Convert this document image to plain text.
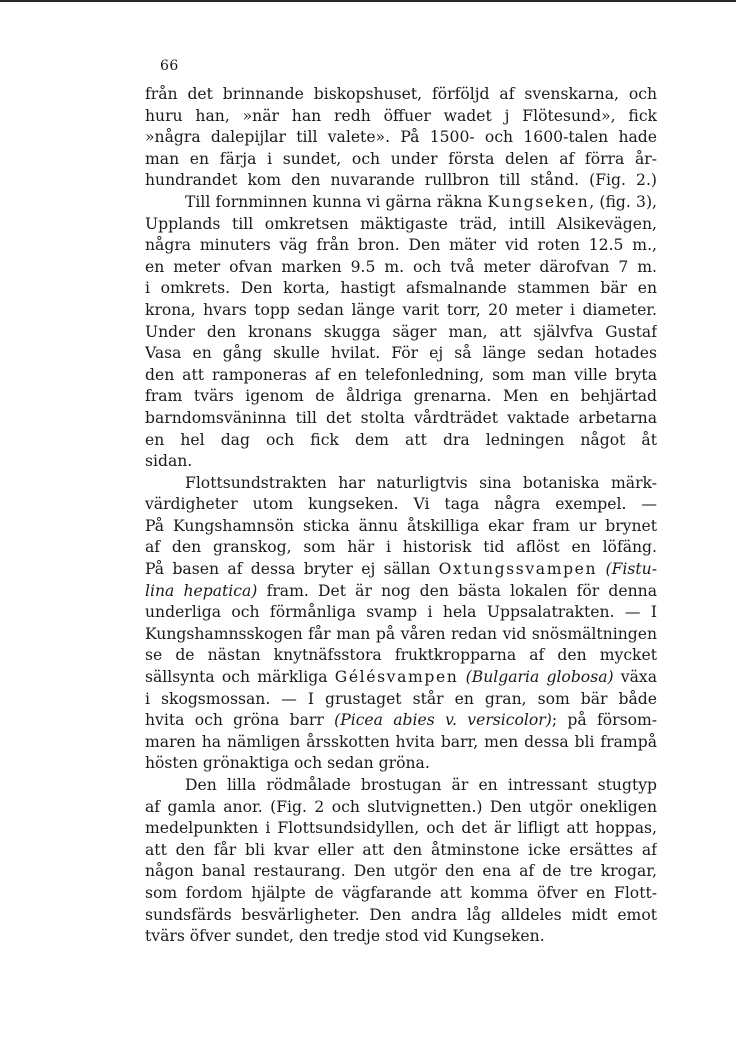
66
från det brinnande biskopshuset, förföljd af svenskarna, och
huru han, »när han redh öffuer wadet j Flötesund», fick
»några dalepijlar till valete». På 1500- och 1600-talen hade
man en färja i sundet, och under första delen af förra år-
hundrandet kom den nuvarande rullbron till stånd. (Fig. 2.)
Till fornminnen kunna vi gärna räkna Kungseken, (fig. 3),
Upplands till omkretsen mäktigaste träd, intill Alsikevägen,
några minuters väg från bron. Den mäter vid roten 12.5 m.,
en meter ofvan marken 9.5 m. och två meter därofvan 7 m.
i omkrets. Den korta, hastigt afsmalnande stammen bär en
krona, hvars topp sedan länge varit torr, 20 meter i diameter.
Under den kronans skugga säger man, att självfva Gustaf
Vasa en gång skulle hvilat. För ej så länge sedan hotades
den att ramponeras af en telefonledning, som man ville bryta
fram tvärs igenom de åldriga grenarna. Men en behjärtad
barndomsväninna till det stolta vårdträdet vaktade arbetarna
en hel dag och fick dem att dra ledningen något åt
sidan.
Flottsundstrakten har naturligtvis sina botaniska märk-
värdigheter utom kungseken. Vi taga några exempel. —
På Kungshamnsön sticka ännu åtskilliga ekar fram ur brynet
af den granskog, som här i historisk tid aflöst en löfäng.
På basen af dessa bryter ej sällan Oxtungssvampen (Fistu-
lina hepatica) fram. Det är nog den bästa lokalen för denna
underliga och förmånliga svamp i hela Uppsalatrakten. — I
Kungshamnsskogen får man på våren redan vid snösmältningen
se de nästan knytnäfsstora fruktkropparna af den mycket
sällsynta och märkliga Gélésvampen (Bulgaria globosa) växa
i skogsmossan. — I grustaget står en gran, som bär både
hvita och gröna barr (Picea abies v. versicolor); på försom-
maren ha nämligen årsskotten hvita barr, men dessa bli frampå
hösten grönaktiga och sedan gröna.
Den lilla rödmålade brostugan är en intressant stugtyp
af gamla anor. (Fig. 2 och slutvignetten.) Den utgör onekligen
medelpunkten i Flottsundsidyllen, och det är lifligt att hoppas,
att den får bli kvar eller att den åtminstone icke ersättes af
någon banal restaurang. Den utgör den ena af de tre krogar,
som fordom hjälpte de vägfarande att komma öfver en Flott-
sundsfärds besvärligheter. Den andra låg alldeles midt emot
tvärs öfver sundet, den tredje stod vid Kungseken.
